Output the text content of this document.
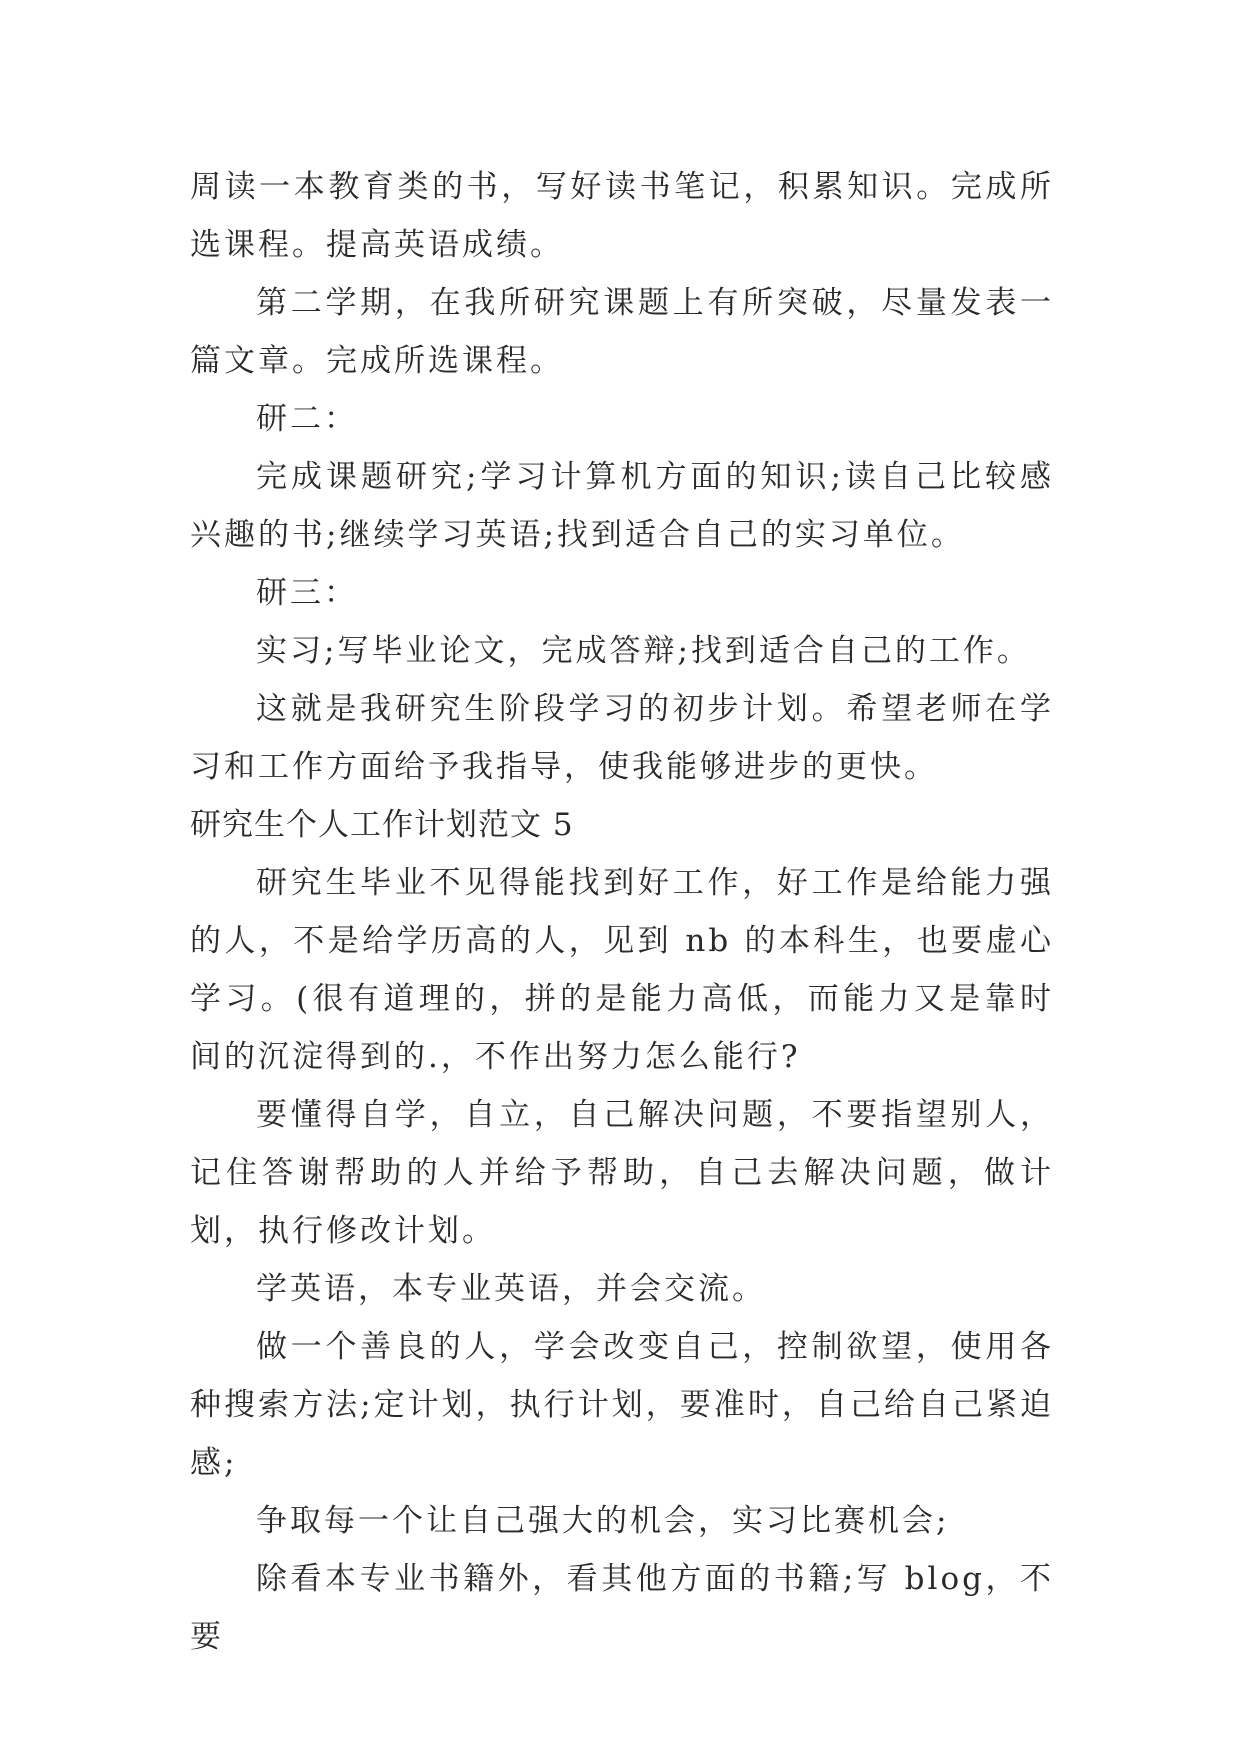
周读一本教育类的书，写好读书笔记，积累知识。完成所选课程。提高英语成绩。

第二学期，在我所研究课题上有所突破，尽量发表一篇文章。完成所选课程。

研二：

完成课题研究;学习计算机方面的知识;读自己比较感兴趣的书;继续学习英语;找到适合自己的实习单位。

研三：

实习;写毕业论文，完成答辩;找到适合自己的工作。

这就是我研究生阶段学习的初步计划。希望老师在学习和工作方面给予我指导，使我能够进步的更快。

研究生个人工作计划范文 5

研究生毕业不见得能找到好工作，好工作是给能力强的人，不是给学历高的人，见到 nb 的本科生，也要虚心学习。(很有道理的，拼的是能力高低，而能力又是靠时间的沉淀得到的.，不作出努力怎么能行?

要懂得自学，自立，自己解决问题，不要指望别人，记住答谢帮助的人并给予帮助，自己去解决问题，做计划，执行修改计划。

学英语，本专业英语，并会交流。

做一个善良的人，学会改变自己，控制欲望，使用各种搜索方法;定计划，执行计划，要准时，自己给自己紧迫感;

争取每一个让自己强大的机会，实习比赛机会;

除看本专业书籍外，看其他方面的书籍;写 blog，不要
